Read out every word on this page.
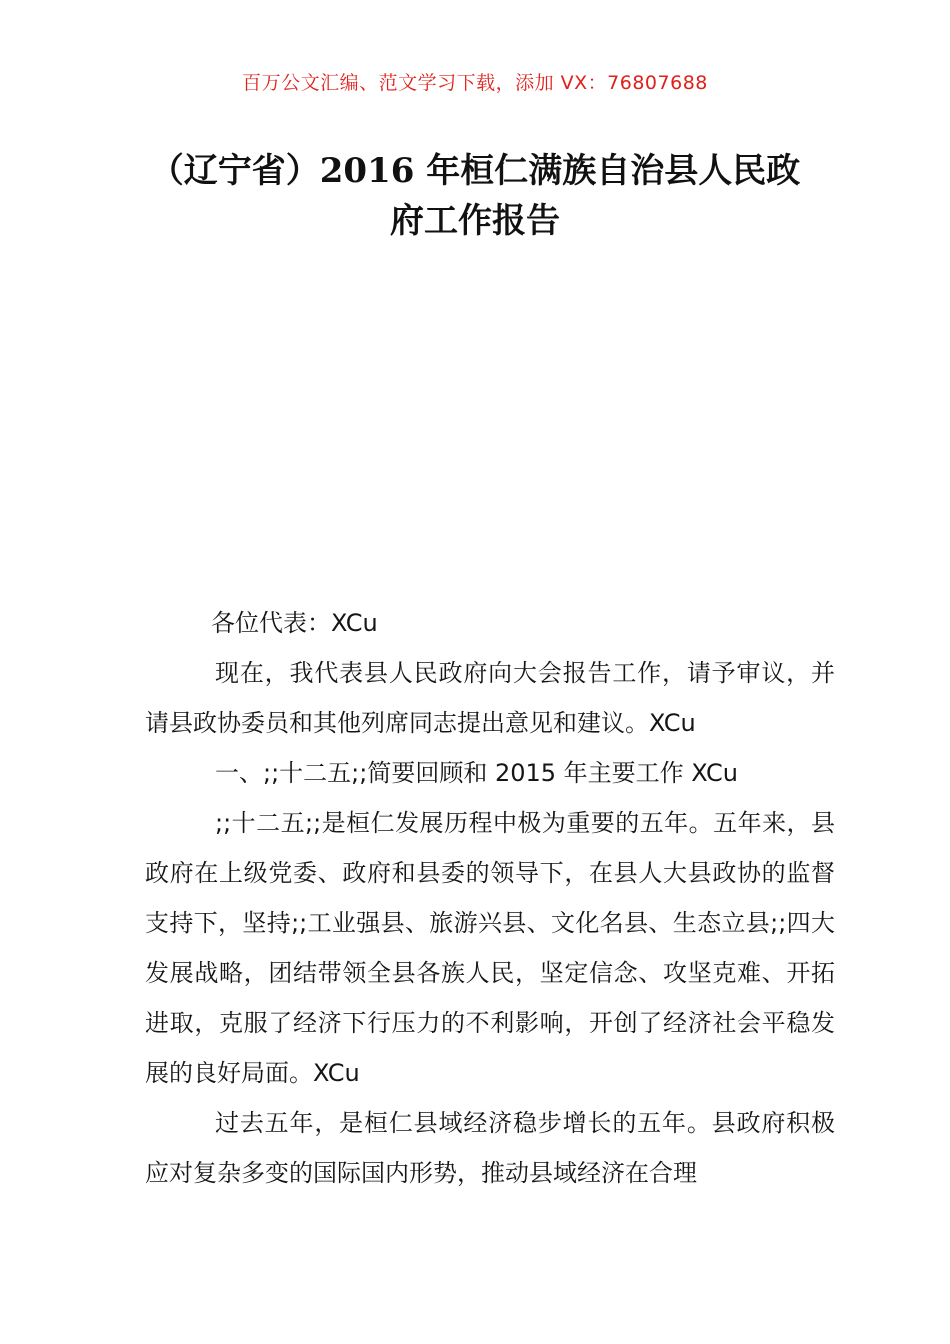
百万公文汇编、范文学习下载，添加 VX：76807688
（辽宁省）2016 年桓仁满族自治县人民政
府工作报告

各位代表：XCu

现在，我代表县人民政府向大会报告工作，请予审议，并请县政协委员和其他列席同志提出意见和建议。XCu

一、;;十二五;;简要回顾和 2015 年主要工作 XCu

;;十二五;;是桓仁发展历程中极为重要的五年。五年来，县政府在上级党委、政府和县委的领导下，在县人大县政协的监督支持下，坚持;;工业强县、旅游兴县、文化名县、生态立县;;四大发展战略，团结带领全县各族人民，坚定信念、攻坚克难、开拓进取，克服了经济下行压力的不利影响，开创了经济社会平稳发展的良好局面。XCu

过去五年，是桓仁县域经济稳步增长的五年。县政府积极应对复杂多变的国际国内形势，推动县域经济在合理
